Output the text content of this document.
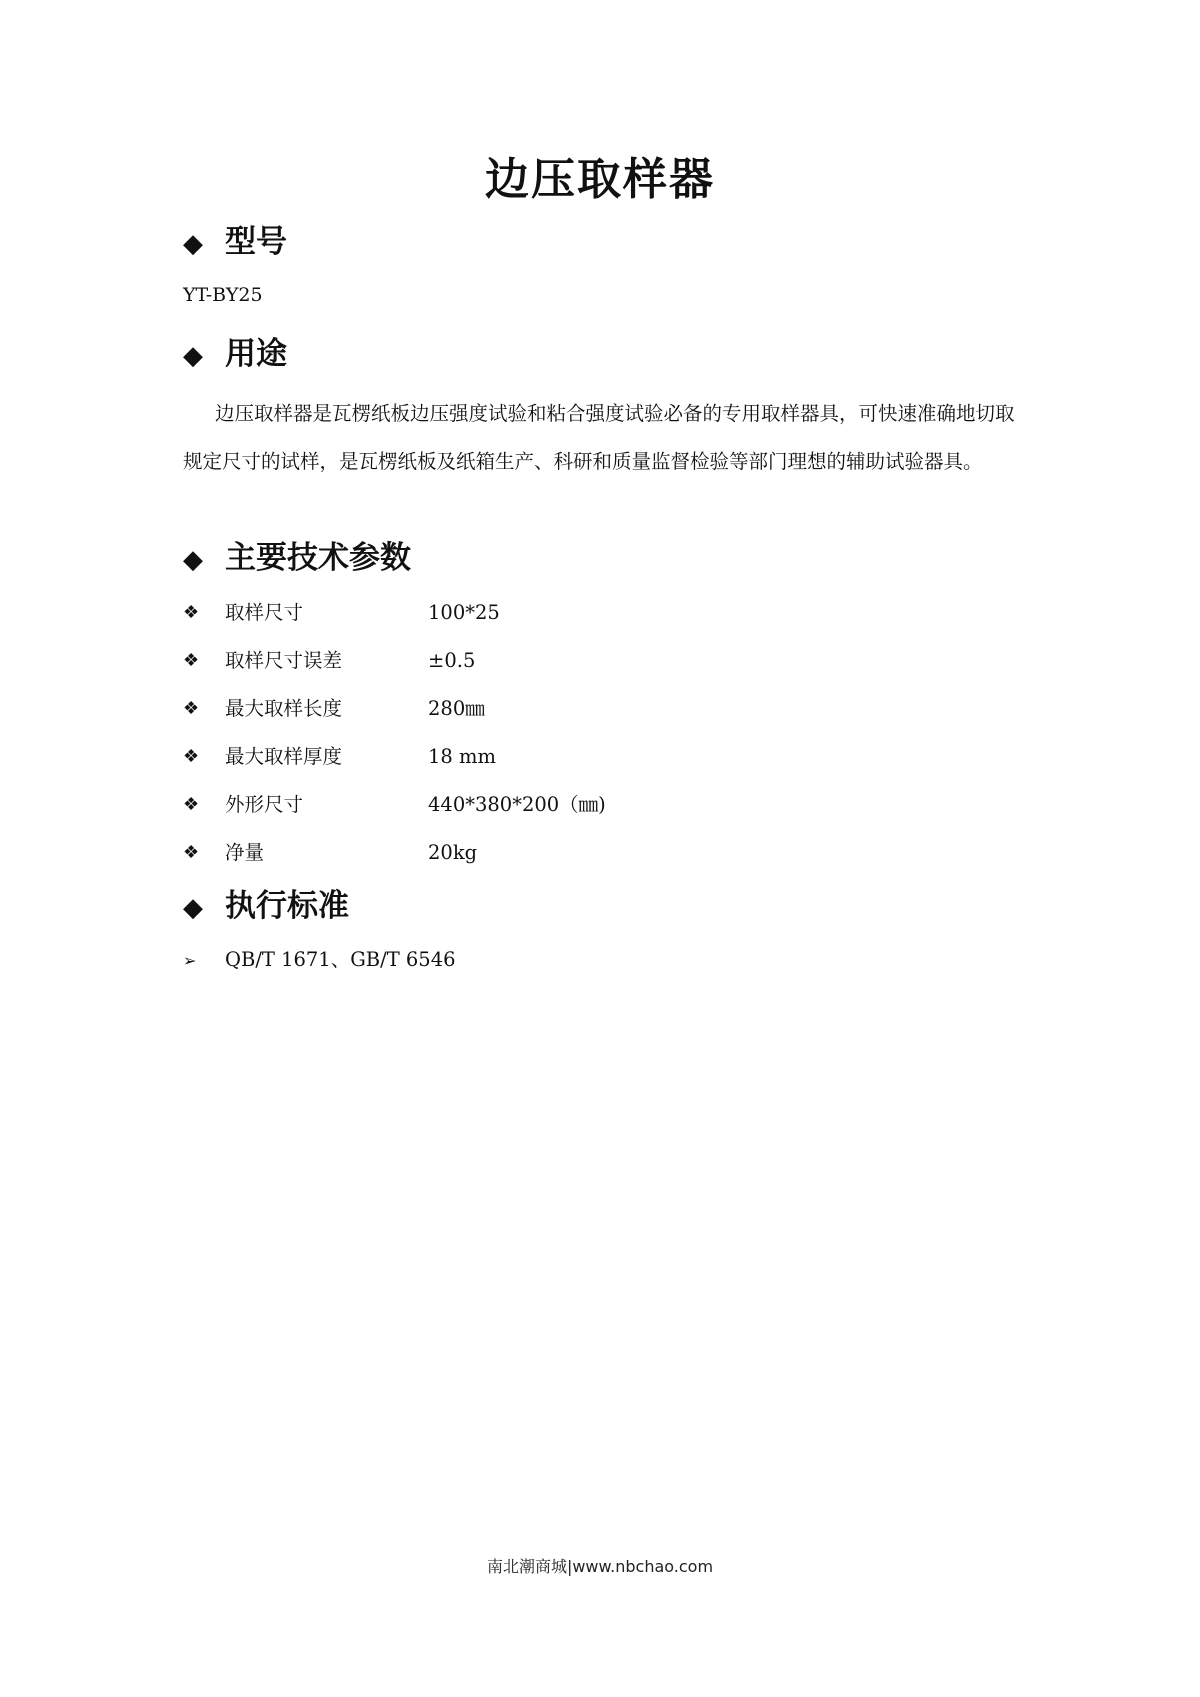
边压取样器
◆ 型号
YT-BY25
◆ 用途
边压取样器是瓦楞纸板边压强度试验和粘合强度试验必备的专用取样器具，可快速准确地切取规定尺寸的试样，是瓦楞纸板及纸箱生产、科研和质量监督检验等部门理想的辅助试验器具。
◆ 主要技术参数
❖	取样尺寸	100*25
❖	取样尺寸误差	±0.5
❖	最大取样长度	280㎜
❖	最大取样厚度	18 mm
❖	外形尺寸	440*380*200（㎜)
❖	净量	20kg
◆ 执行标准
➢ QB/T 1671、GB/T 6546
南北潮商城|www.nbchao.com
